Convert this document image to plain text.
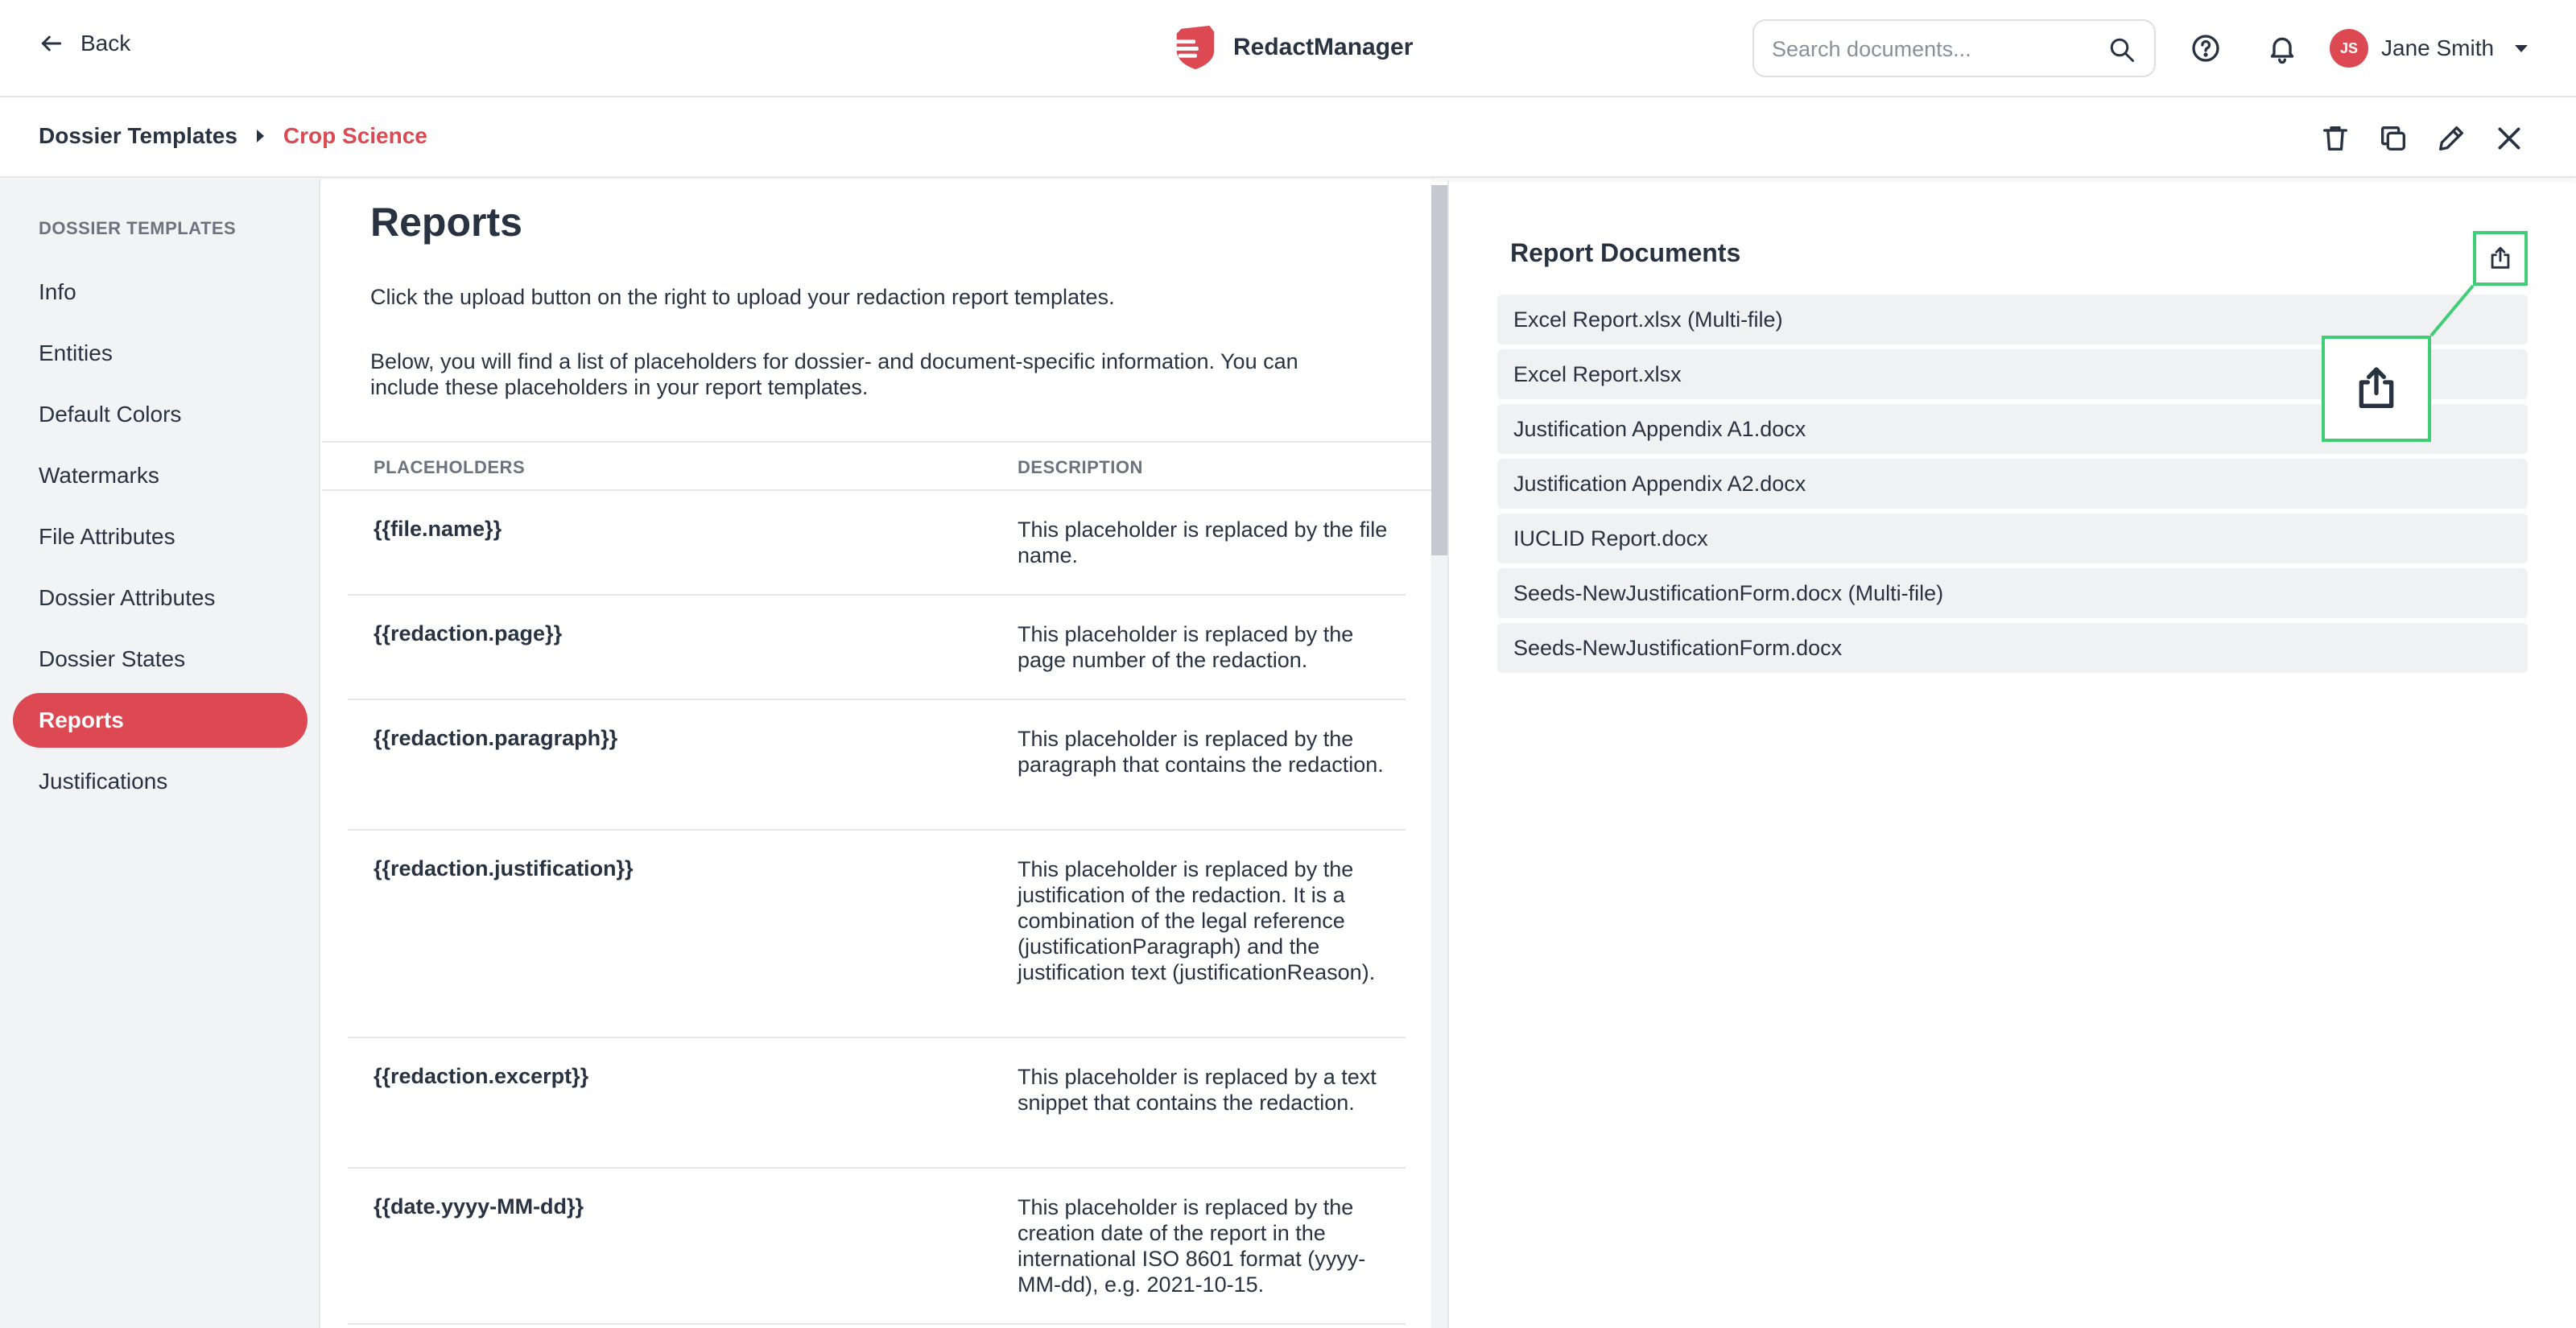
Back	RedactManager
Search documents...	JS	Jane Smith
Dossier Templates Crop Science
DOSSIER TEMPLATES
Info
Entities
Default Colors
Watermarks
File Attributes
Dossier Attributes
Dossier States
Reports
Justifications
Reports
Click the upload button on the right to upload your redaction report templates.
Below, you will find a list of placeholders for dossier- and document-specific information. You can include these placeholders in your report templates.
PLACEHOLDERS	DESCRIPTION
{{file.name}}	This placeholder is replaced by the file name.
{{redaction.page}}	This placeholder is replaced by the page number of the redaction.
{{redaction.paragraph}}	This placeholder is replaced by the paragraph that contains the redaction.
{{redaction.justification}}	This placeholder is replaced by the justification of the redaction. It is a combination of the legal reference (justificationParagraph) and the justification text (justificationReason).
{{redaction.excerpt}}	This placeholder is replaced by a text snippet that contains the redaction.
{{date.yyyy-MM-dd}}	This placeholder is replaced by the creation date of the report in the international ISO 8601 format (yyyy-MM-dd), e.g. 2021-10-15.
Report Documents
Excel Report.xlsx (Multi-file)
Excel Report.xlsx
Justification Appendix A1.docx
Justification Appendix A2.docx
IUCLID Report.docx
Seeds-NewJustificationForm.docx (Multi-file)
Seeds-NewJustificationForm.docx
